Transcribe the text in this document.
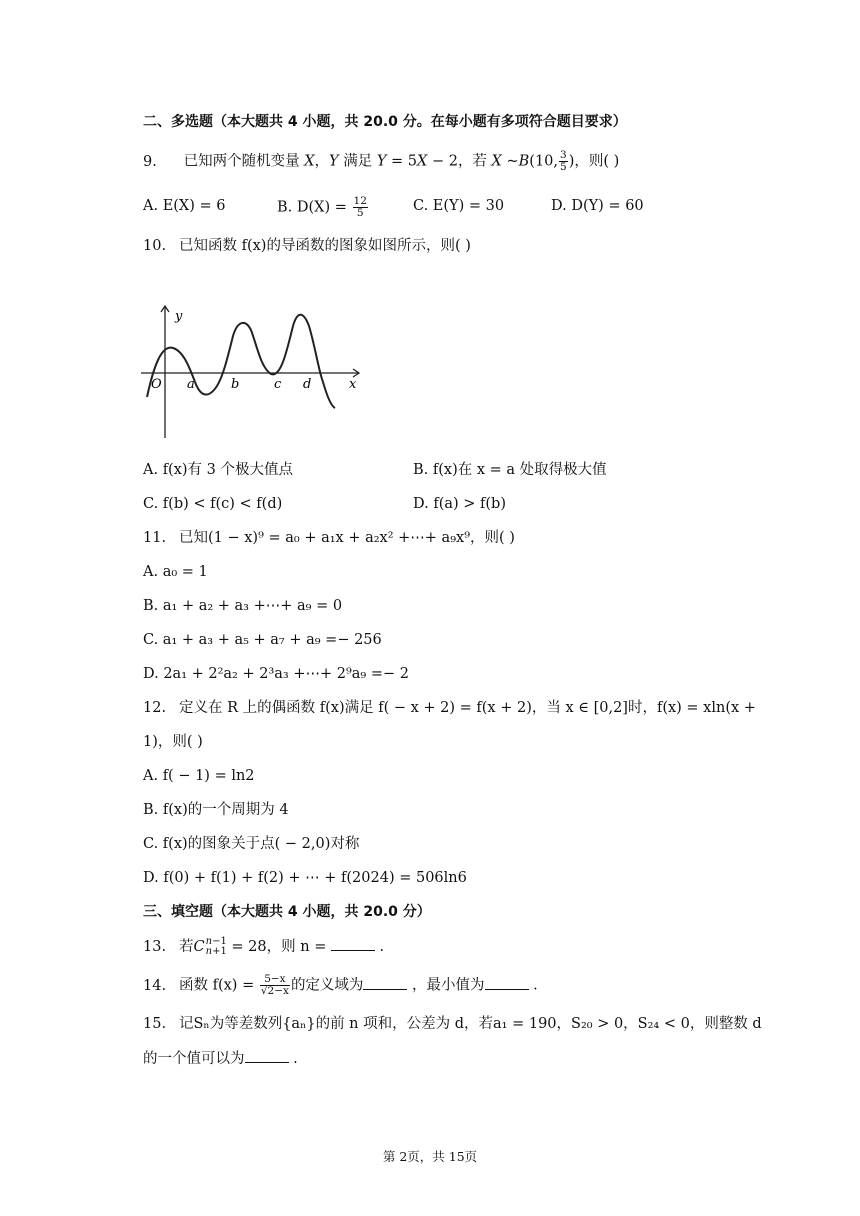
二、多选题（本大题共 4 小题，共 20.0 分。在每小题有多项符合题目要求）
9. 已知两个随机变量 X，Y 满足 Y = 5X − 2，若 X ~B(10, $\frac{3}{5}$ )，则( )
A. E(X) = 6	B. $D(X) = \frac{12}{5}$	C. E(Y) = 30	D. D(Y) = 60
10. 已知函数 f(x)的导函数的图象如图所示，则( )
y
O a	b	c d	x
A. f(x)有 3 个极大值点	B. f(x)在 x = a 处取得极大值
C. f(b) < f(c) < f(d)	D. f(a) > f(b)
11. 已知(1 − x)⁹ = a₀ + a₁x + a₂x² +⋯+ a₉x⁹，则( )
A. a₀ = 1
B. a₁ + a₂ + a₃ +⋯+ a₉ = 0
C. a₁ + a₃ + a₅ + a₇ + a₉ =− 256
D. 2a₁ + 2²a₂ + 2³a₃ +⋯+ 2⁹a₉ =− 2
12. 定义在 R 上的偶函数 f(x)满足 f( − x + 2) = f(x + 2)，当 x ∈ [0,2]时，f(x) = xln(x +
1)，则( )
A. f( − 1) = ln2
B. f(x)的一个周期为 4
C. f(x)的图象关于点( − 2,0)对称
D. f(0) + f(1) + f(2) + ⋯ + f(2024) = 506ln6
三、填空题（本大题共 4 小题，共 20.0 分）
13. 若C n−1
n+1 = 28，则 n =	.
14. 函数 $f(x) = \frac{5-x}{√2-x}$ 的定义域为	，最小值为	.
15. 记Sₙ为等差数列{aₙ}的前 n 项和，公差为 d，若a₁ = 190，S₂₀ > 0，S₂₄ < 0，则整数 d
的一个值可以为	.
第 2页，共 15页
